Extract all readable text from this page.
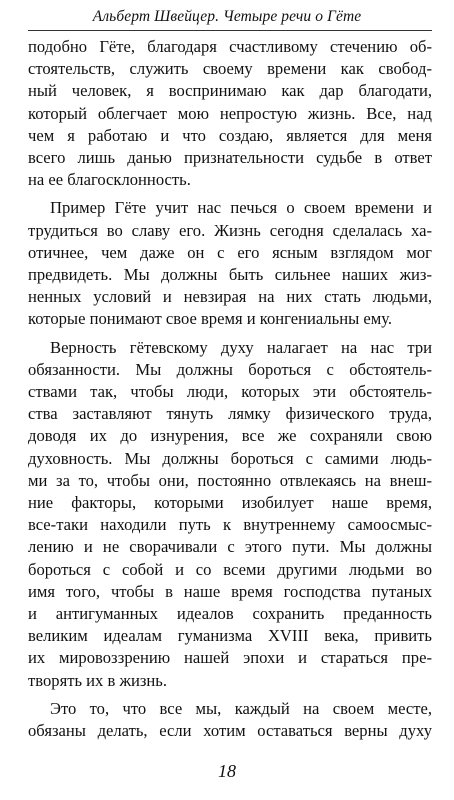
Альберт Швейцер. Четыре речи о Гёте

подобно Гёте, благодаря счастливому стечению об-
стоятельств, служить своему времени как свобод-
ный человек, я воспринимаю как дар благодати,
который облегчает мою непростую жизнь. Все, над
чем я работаю и что создаю, является для меня
всего лишь данью признательности судьбе в ответ
на ее благосклонность.

Пример Гёте учит нас печься о своем времени и
трудиться во славу его. Жизнь сегодня сделалась ха-
отичнее, чем даже он с его ясным взглядом мог
предвидеть. Мы должны быть сильнее наших жиз-
ненных условий и невзирая на них стать людьми,
которые понимают свое время и конгениальны ему.

Верность гётевскому духу налагает на нас три
обязанности. Мы должны бороться с обстоятель-
ствами так, чтобы люди, которых эти обстоятель-
ства заставляют тянуть лямку физического труда,
доводя их до изнурения, все же сохраняли свою
духовность. Мы должны бороться с самими людь-
ми за то, чтобы они, постоянно отвлекаясь на внеш-
ние факторы, которыми изобилует наше время,
все-таки находили путь к внутреннему самоосмыс-
лению и не сворачивали с этого пути. Мы должны
бороться с собой и со всеми другими людьми во
имя того, чтобы в наше время господства путаных
и антигуманных идеалов сохранить преданность
великим идеалам гуманизма XVIII века, привить
их мировоззрению нашей эпохи и стараться пре-
творять их в жизнь.

Это то, что все мы, каждый на своем месте,
обязаны делать, если хотим оставаться верны духу

18
